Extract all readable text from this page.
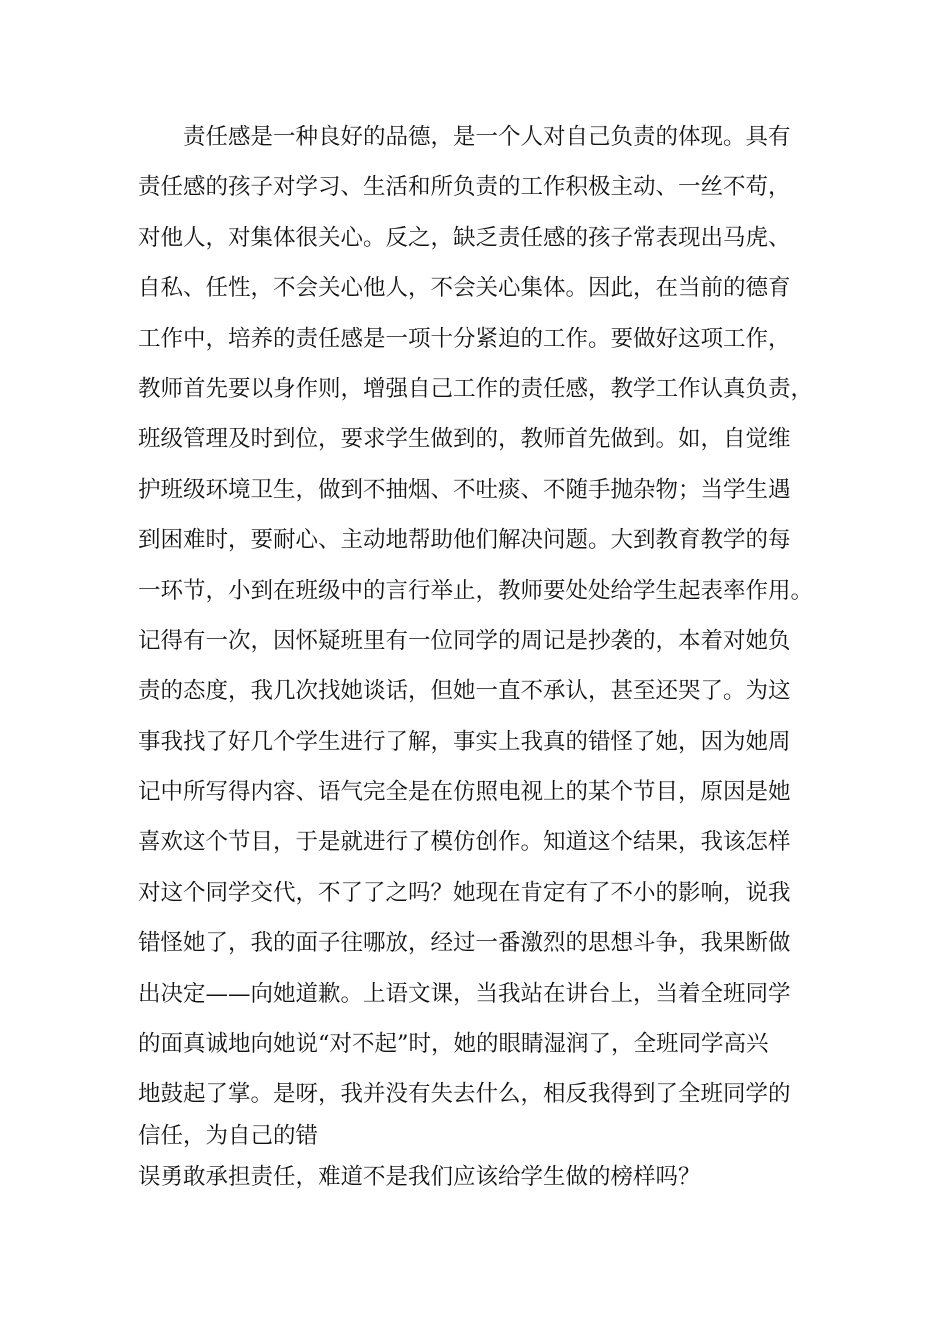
责任感是一种良好的品德，是一个人对自己负责的体现。具有
责任感的孩子对学习、生活和所负责的工作积极主动、一丝不苟，
对他人，对集体很关心。反之，缺乏责任感的孩子常表现出马虎、
自私、任性，不会关心他人，不会关心集体。因此，在当前的德育
工作中，培养的责任感是一项十分紧迫的工作。要做好这项工作，
教师首先要以身作则，增强自己工作的责任感，教学工作认真负责，
班级管理及时到位，要求学生做到的，教师首先做到。如，自觉维
护班级环境卫生，做到不抽烟、不吐痰、不随手抛杂物；当学生遇
到困难时，要耐心、主动地帮助他们解决问题。大到教育教学的每
一环节，小到在班级中的言行举止，教师要处处给学生起表率作用。
记得有一次，因怀疑班里有一位同学的周记是抄袭的，本着对她负
责的态度，我几次找她谈话，但她一直不承认，甚至还哭了。为这
事我找了好几个学生进行了解，事实上我真的错怪了她，因为她周
记中所写得内容、语气完全是在仿照电视上的某个节目，原因是她
喜欢这个节目，于是就进行了模仿创作。知道这个结果，我该怎样
对这个同学交代，不了了之吗？她现在肯定有了不小的影响，说我
错怪她了，我的面子往哪放，经过一番激烈的思想斗争，我果断做
出决定——向她道歉。上语文课，当我站在讲台上，当着全班同学
的面真诚地向她说“对不起”时，她的眼睛湿润了，全班同学高兴
地鼓起了掌。是呀，我并没有失去什么，相反我得到了全班同学的
信任，为自己的错
误勇敢承担责任，难道不是我们应该给学生做的榜样吗？
